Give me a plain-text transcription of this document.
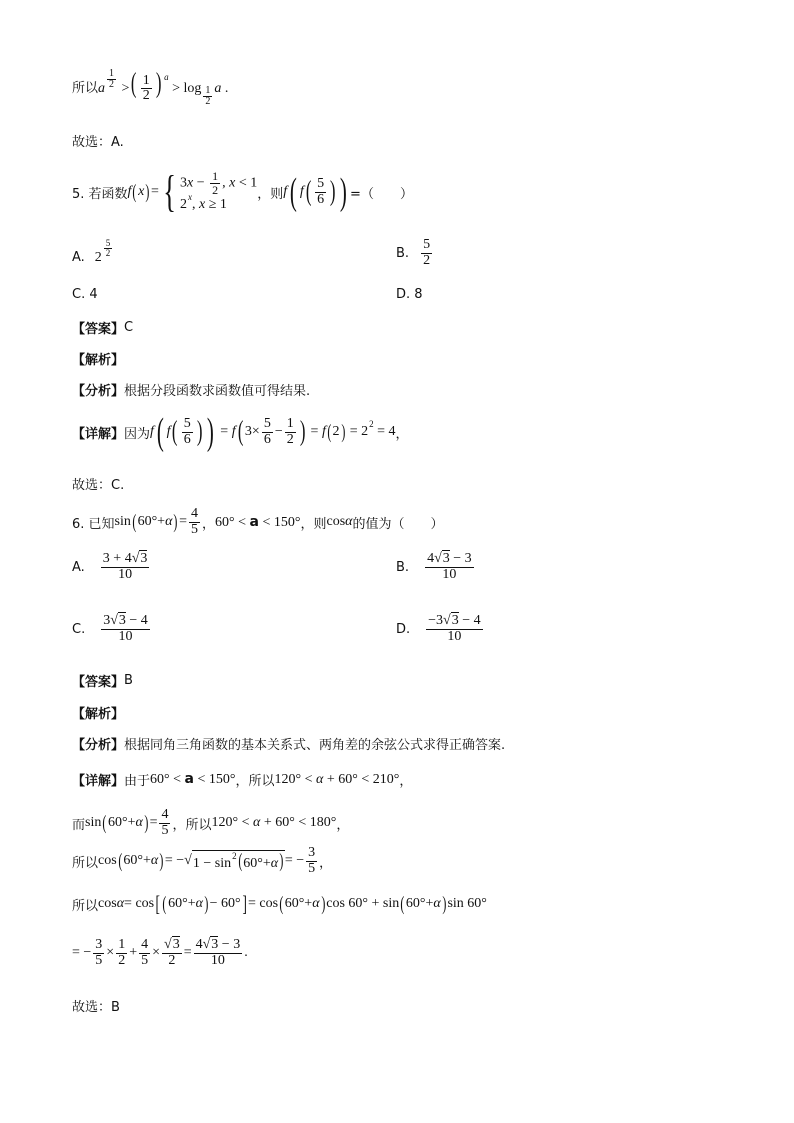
所以 a $\frac{1}{2}$ >( $\frac{1}{2}$ ) $^a > \log \frac{1}{2}$ a .
故选：A.
5. 若函数 f ( x ) = { $3x - \frac{1}{2}$ , x < 1
2$^x$, x ≥ 1
，则 f ( f ( $\frac{5}{6}$ ) ) =（　　）
A. $2 \frac{5}{2}$	B. $\frac{5}{2}$
C. 4	D. 8
【答案】 C
【解析】
【分析】 根据分段函数求函数值可得结果.
【详解】 因为 f ( f ( $\frac{5}{6}$ ) ) = f ( $3\times \frac{5}{6} - \frac{1}{2}$ ) = f ( 2 ) = 2 2 = 4 ，
故选：C.
6. 已知 sin ( 60°+ α ) = $\frac{4}{5}$ ， 60° < a < 150° ，则 cosα 的值为（　　）
A. $\frac{3 + 4√3}{10}$	B. $\frac{4√3 - 3}{10}$
C. $\frac{3√3 - 4}{10}$	D. $\frac{-3√3 - 4}{10}$
【答案】 B
【解析】
【分析】 根据同角三角函数的基本关系式、两角差的余弦公式求得正确答案.
【详解】 由于 60° < a < 150° ，所以 120° < α + 60° < 210° ，
而 sin ( 60°+ α ) = $\frac{4}{5}$ ，所以 120° < α + 60° < 180° ，
所以 cos ( 60°+ α ) = −√ $1 - \sin^2(60^\circ+\alpha)$ = − $\frac{3}{5}$ ，
所以 cos α = cos [ ( 60°+ α ) − 60° ] = cos ( 60°+ α ) cos 60° + sin ( 60°+ α ) sin 60°
= − $\frac{3}{5} \times \frac{1}{2} + \frac{4}{5} \times \frac{√3}{2} = \frac{4√3 - 3}{10}$ .
故选：B
